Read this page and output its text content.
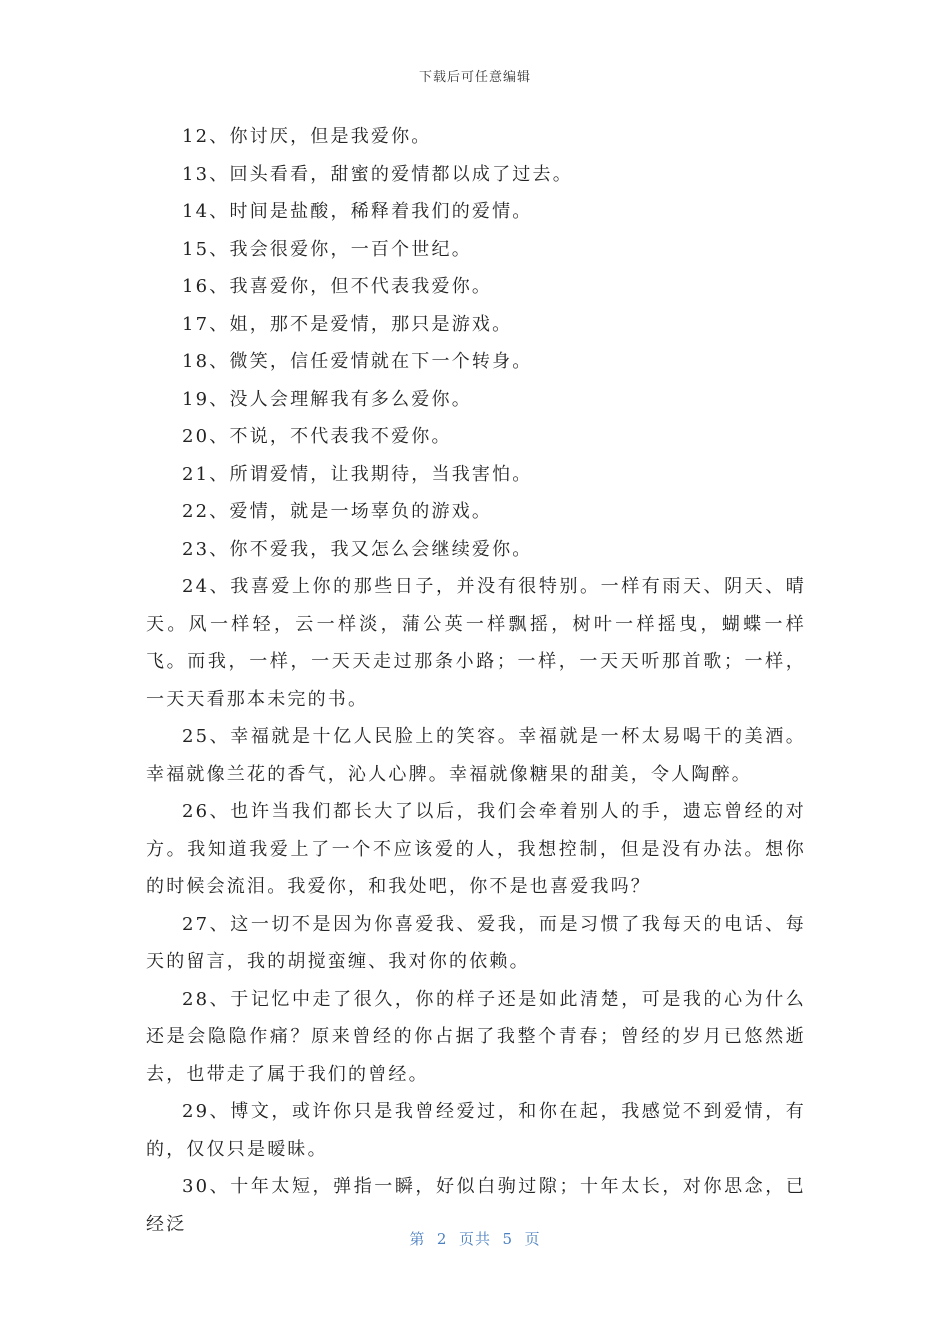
下载后可任意编辑

12、你讨厌，但是我爱你。

13、回头看看，甜蜜的爱情都以成了过去。

14、时间是盐酸，稀释着我们的爱情。

15、我会很爱你，一百个世纪。

16、我喜爱你，但不代表我爱你。

17、姐，那不是爱情，那只是游戏。

18、微笑，信任爱情就在下一个转身。

19、没人会理解我有多么爱你。

20、不说，不代表我不爱你。

21、所谓爱情，让我期待，当我害怕。

22、爱情，就是一场辜负的游戏。

23、你不爱我，我又怎么会继续爱你。

24、我喜爱上你的那些日子，并没有很特别。一样有雨天、阴天、晴天。风一样轻，云一样淡，蒲公英一样飘摇，树叶一样摇曳，蝴蝶一样飞。而我，一样，一天天走过那条小路；一样，一天天听那首歌；一样，一天天看那本未完的书。

25、幸福就是十亿人民脸上的笑容。幸福就是一杯太易喝干的美酒。幸福就像兰花的香气，沁人心脾。幸福就像糖果的甜美，令人陶醉。

26、也许当我们都长大了以后，我们会牵着别人的手，遗忘曾经的对方。我知道我爱上了一个不应该爱的人，我想控制，但是没有办法。想你的时候会流泪。我爱你，和我处吧，你不是也喜爱我吗？

27、这一切不是因为你喜爱我、爱我，而是习惯了我每天的电话、每天的留言，我的胡搅蛮缠、我对你的依赖。

28、于记忆中走了很久，你的样子还是如此清楚，可是我的心为什么还是会隐隐作痛？原来曾经的你占据了我整个青春；曾经的岁月已悠然逝去，也带走了属于我们的曾经。

29、博文，或许你只是我曾经爱过，和你在起，我感觉不到爱情，有的，仅仅只是暧昧。

30、十年太短，弹指一瞬，好似白驹过隙；十年太长，对你思念，已经泛

第  2  页共  5  页
